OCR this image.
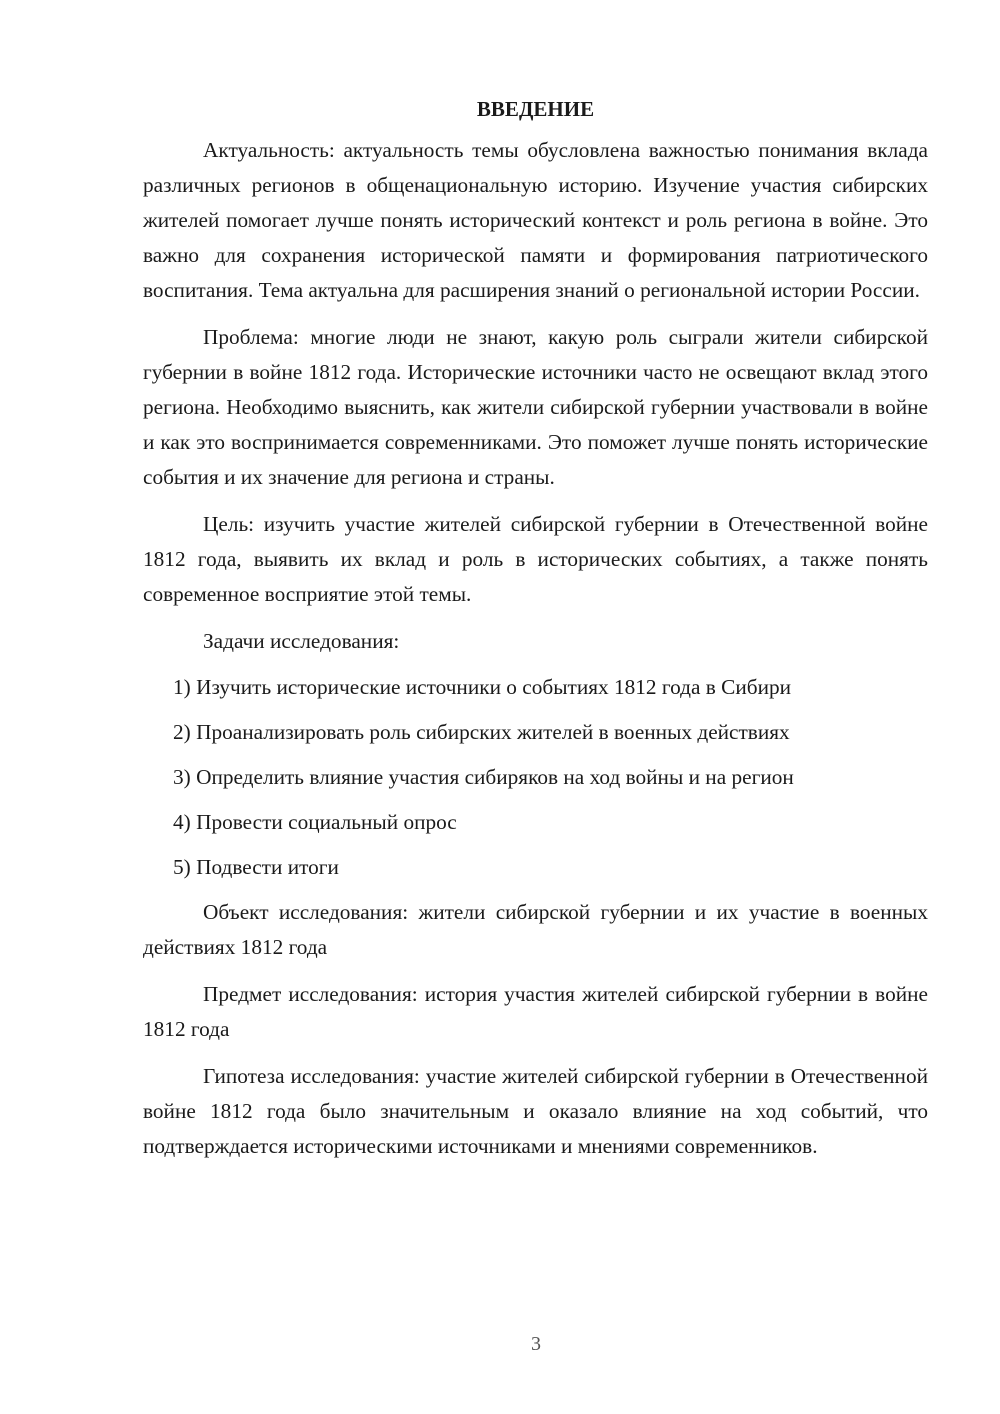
ВВЕДЕНИЕ

Актуальность: актуальность темы обусловлена важностью понимания вклада различных регионов в общенациональную историю. Изучение участия сибирских жителей помогает лучше понять исторический контекст и роль региона в войне. Это важно для сохранения исторической памяти и формирования патриотического воспитания. Тема актуальна для расширения знаний о региональной истории России.

Проблема: многие люди не знают, какую роль сыграли жители сибирской губернии в войне 1812 года. Исторические источники часто не освещают вклад этого региона. Необходимо выяснить, как жители сибирской губернии участвовали в войне и как это воспринимается современниками. Это поможет лучше понять исторические события и их значение для региона и страны.

Цель: изучить участие жителей сибирской губернии в Отечественной войне 1812 года, выявить их вклад и роль в исторических событиях, а также понять современное восприятие этой темы.

Задачи исследования:

1) Изучить исторические источники о событиях 1812 года в Сибири
2) Проанализировать роль сибирских жителей в военных действиях
3) Определить влияние участия сибиряков на ход войны и на регион
4) Провести социальный опрос
5) Подвести итоги

Объект исследования: жители сибирской губернии и их участие в военных действиях 1812 года

Предмет исследования: история участия жителей сибирской губернии в войне 1812 года

Гипотеза исследования: участие жителей сибирской губернии в Отечественной войне 1812 года было значительным и оказало влияние на ход событий, что подтверждается историческими источниками и мнениями современников.

3
